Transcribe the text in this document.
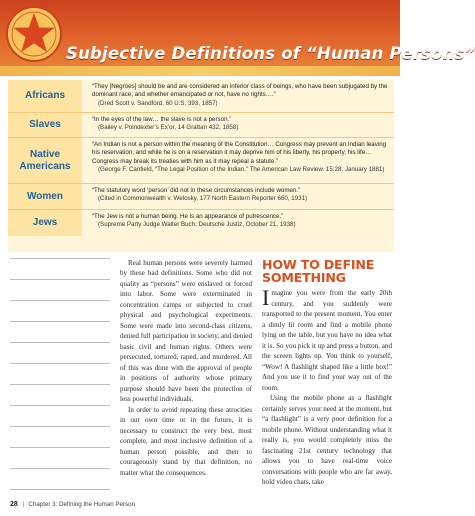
Subjective Definitions of “Human Persons”
Africans
“They [Negroes] should be and are considered an inferior class of beings, who have been subjugated by the dominant race, and whether emancipated or not, have no rights….”
(Dred Scott v. Sandford, 60 U.S. 393, 1857)
Slaves	“In the eyes of the law… the slave is not a person.”
(Bailey v. Poindexter’s Ex’or, 14 Grattan 432, 1858)
Native Americans
“An Indian is not a person within the meaning of the Constitution… Congress may prevent an Indian leaving his reservation, and while he is on a reservation it may deprive him of his liberty, his property, his life… Congress may break its treaties with him as it may repeal a statute.”
(George F. Canfield, “The Legal Position of the Indian.” The American Law Review. 15:28, January 1881)
Women
“The statutory word ‘person’ did not in these circumstances include women.”
(Cited in Commonwealth v. Welosky, 177 North Eastern Reporter 660, 1931)
Jews
“The Jew is not a human being. He is an appearance of putrescence.”
(Supreme Party Judge Walter Buch, Deutsche Justiz, October 21, 1938)

Real human persons were severely harmed by these bad definitions. Some who did not quality as “persons” were enslaved or forced into labor. Some were exterminated in concentration camps or subjected to cruel physical and psychological experiments. Some were made into second-class citizens, denied full participation in society, and denied basic civil and human rights. Others were persecuted, tortured, raped, and murdered. All of this was done with the approval of people in positions of authority whose primary purpose should have been the protection of less powerful individuals.

In order to avoid repeating these atrocities in our own time or in the future, it is necessary to construct the very best, most complete, and most inclusive definition of a human person possible, and then to courageously stand by that definition, no matter what the consequences.

HOW TO DEFINE SOMETHING

Imagine you were from the early 20th century, and you suddenly were transported to the present moment. You enter a dimly lit room and find a mobile phone lying on the table, but you have no idea what it is. So you pick it up and press a button, and the screen lights up. You think to yourself, “Wow! A flashlight shaped like a little box!” And you use it to find your way out of the room.

Using the mobile phone as a flashlight certainly serves your need at the moment, but “a flashlight” is a very poor definition for a mobile phone. Without understanding what it really is, you would completely miss the fascinating 21st century technology that allows you to have real-time voice conversations with people who are far away, hold video chats, take

28 | Chapter 3: Defining the Human Person
